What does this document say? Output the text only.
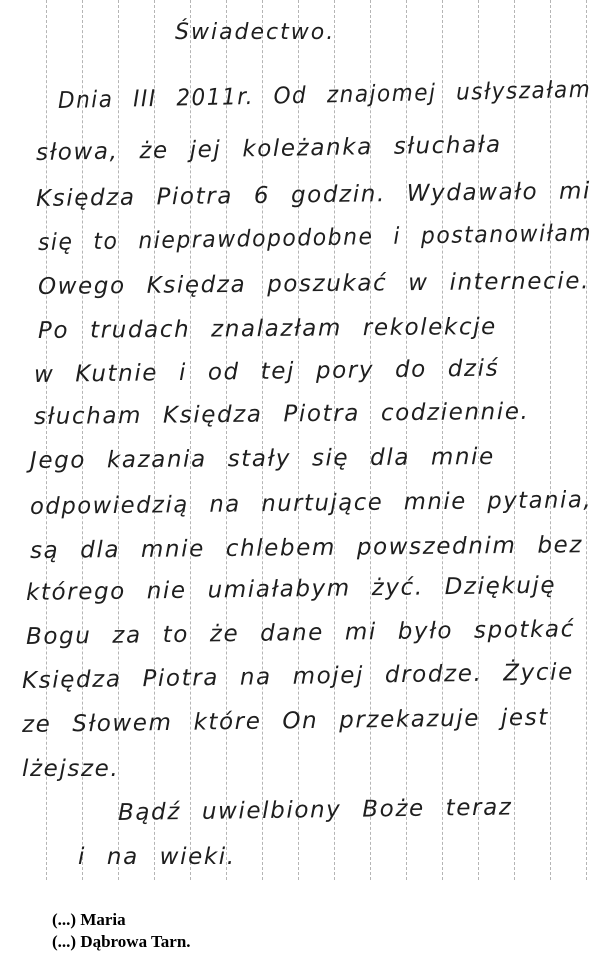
Świadectwo.

Dnia III 2011r. Od znajomej usłyszałam

słowa, że jej koleżanka słuchała

Księdza Piotra 6 godzin. Wydawało mi

się to nieprawdopodobne i postanowiłam

Owego Księdza poszukać w internecie.

Po trudach znalazłam rekolekcje

w Kutnie i od tej pory do dziś

słucham Księdza Piotra codziennie.

Jego kazania stały się dla mnie

odpowiedzią na nurtujące mnie pytania,

są dla mnie chlebem powszednim bez

którego nie umiałabym żyć. Dziękuję

Bogu za to że dane mi było spotkać

Księdza Piotra na mojej drodze. Życie

ze Słowem które On przekazuje jest

lżejsze.

Bądź uwielbiony Boże teraz

i na wieki.

(...) Maria

(...) Dąbrowa Tarn.
